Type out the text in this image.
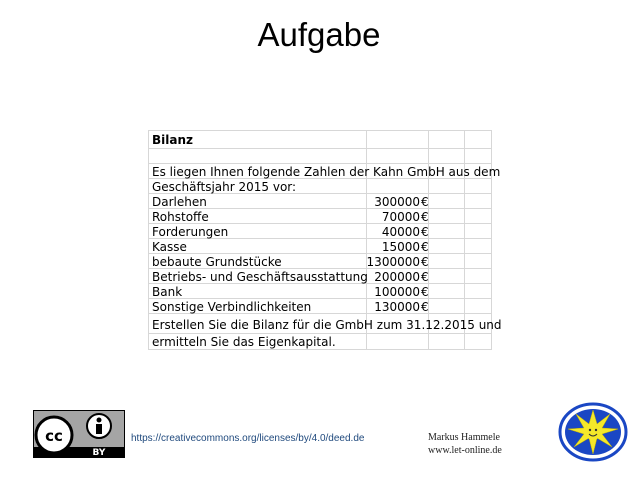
Aufgabe
Bilanz
Es liegen Ihnen folgende Zahlen der Kahn GmbH aus dem
Geschäftsjahr 2015 vor:
Darlehen	300000 €
Rohstoffe	70000 €
Forderungen	40000 €
Kasse	15000 €
bebaute Grundstücke	1300000 €
Betriebs- und Geschäftsausstattung 200000 €
Bank	100000 €
Sonstige Verbindlichkeiten	130000 €
Erstellen Sie die Bilanz für die GmbH zum 31.12.2015 und
ermitteln Sie das Eigenkapital.
cc
BY
https://creativecommons.org/licenses/by/4.0/deed.de	Markus Hammele
www.let-online.de
